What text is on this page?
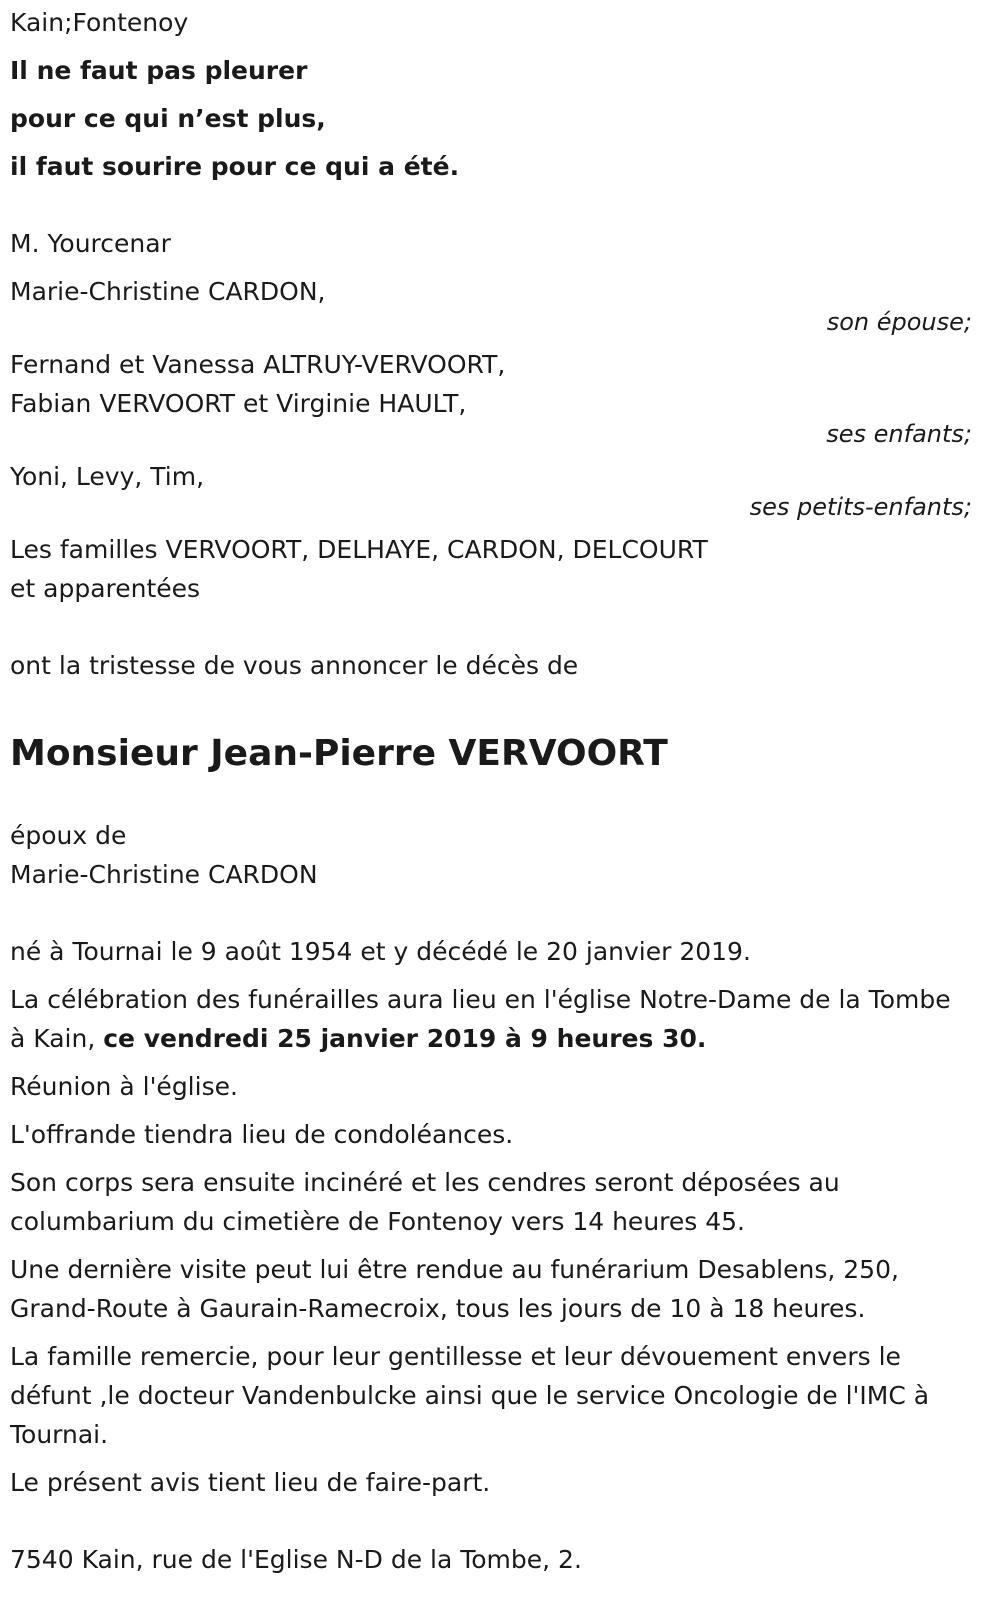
Kain;Fontenoy
Il ne faut pas pleurer
pour ce qui n’est plus,
il faut sourire pour ce qui a été.
M. Yourcenar
Marie-Christine CARDON,
son épouse;
Fernand et Vanessa ALTRUY-VERVOORT,
Fabian VERVOORT et Virginie HAULT,
ses enfants;
Yoni, Levy, Tim,
ses petits-enfants;
Les familles VERVOORT, DELHAYE, CARDON, DELCOURT
et apparentées
ont la tristesse de vous annoncer le décès de
Monsieur Jean-Pierre VERVOORT
époux de
Marie-Christine CARDON
né à Tournai le 9 août 1954 et y décédé le 20 janvier 2019.
La célébration des funérailles aura lieu en l'église Notre-Dame de la Tombe à Kain, ce vendredi 25 janvier 2019 à 9 heures 30.
Réunion à l'église.
L'offrande tiendra lieu de condoléances.
Son corps sera ensuite incinéré et les cendres seront déposées au columbarium du cimetière de Fontenoy vers 14 heures 45.
Une dernière visite peut lui être rendue au funérarium Desablens, 250, Grand-Route à Gaurain-Ramecroix, tous les jours de 10 à 18 heures.
La famille remercie, pour leur gentillesse et leur dévouement envers le défunt ,le docteur Vandenbulcke ainsi que le service Oncologie de l'IMC à Tournai.
Le présent avis tient lieu de faire-part.
7540 Kain, rue de l'Eglise N-D de la Tombe, 2.
